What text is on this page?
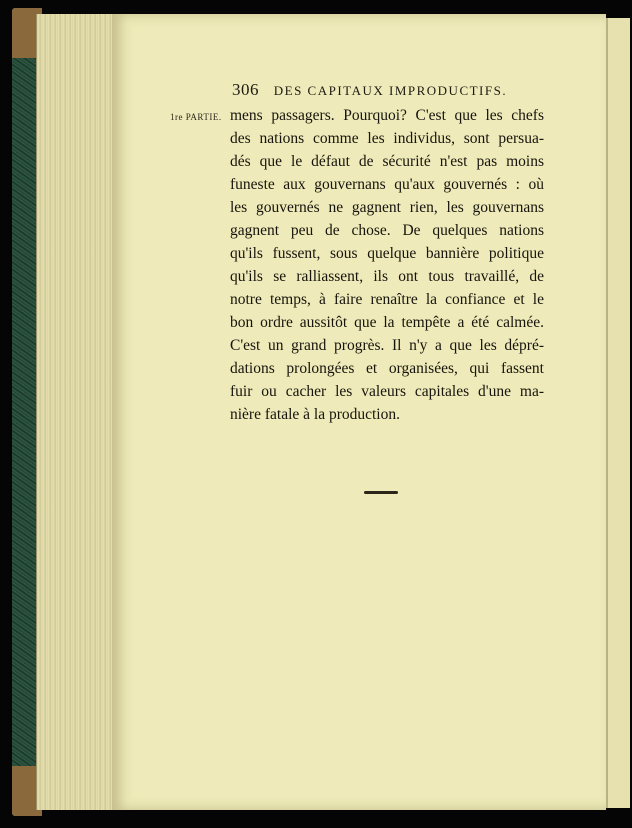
306 DES CAPITAUX IMPRODUCTIFS.
1re PARTIE. mens passagers. Pourquoi? C'est que les chefs
des nations comme les individus, sont persua-
dés que le défaut de sécurité n'est pas moins
funeste aux gouvernans qu'aux gouvernés : où
les gouvernés ne gagnent rien, les gouvernans
gagnent peu de chose. De quelques nations
qu'ils fussent, sous quelque bannière politique
qu'ils se ralliassent, ils ont tous travaillé, de
notre temps, à faire renaître la confiance et le
bon ordre aussitôt que la tempête a été calmée.
C'est un grand progrès. Il n'y a que les dépré-
dations prolongées et organisées, qui fassent
fuir ou cacher les valeurs capitales d'une ma-
nière fatale à la production.
